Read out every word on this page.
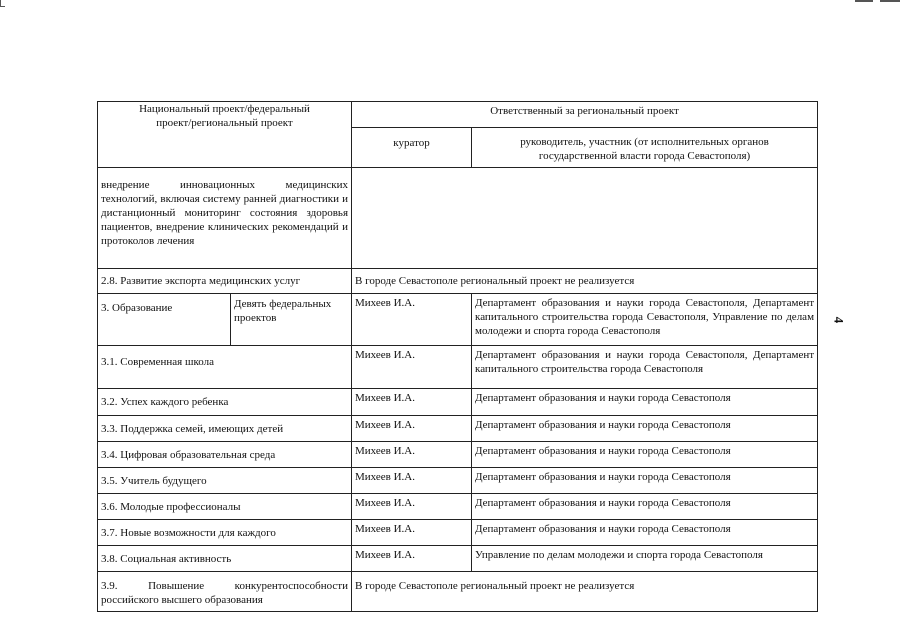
4
Национальный проект/федеральный проект/региональный проект		Ответственный за региональный проект	
		куратор	руководитель, участник (от исполнительных органов государственной власти города Севастополя)
внедрение инновационных медицинских технологий, включая систему ранней диагностики и дистанционный мониторинг состояния здоровья пациентов, внедрение клинических рекомендаций и протоколов лечения			
2.8. Развитие экспорта медицинских услуг		В городе Севастополе региональный проект не реализуется	
3. Образование	Девять федеральных проектов	Михеев И.А.	Департамент образования и науки города Севастополя, Департамент капитального строительства города Севастополя, Управление по делам молодежи и спорта города Севастополя
3.1. Современная школа		Михеев И.А.	Департамент образования и науки города Севастополя, Департамент капитального строительства города Севастополя
3.2. Успех каждого ребенка		Михеев И.А.	Департамент образования и науки города Севастополя
3.3. Поддержка семей, имеющих детей		Михеев И.А.	Департамент образования и науки города Севастополя
3.4. Цифровая образовательная среда		Михеев И.А.	Департамент образования и науки города Севастополя
3.5. Учитель будущего		Михеев И.А.	Департамент образования и науки города Севастополя
3.6. Молодые профессионалы		Михеев И.А.	Департамент образования и науки города Севастополя
3.7. Новые возможности для каждого		Михеев И.А.	Департамент образования и науки города Севастополя
3.8. Социальная активность		Михеев И.А.	Управление по делам молодежи и спорта города Севастополя
3.9. Повышение конкурентоспособности российского высшего образования		В городе Севастополе региональный проект не реализуется	
